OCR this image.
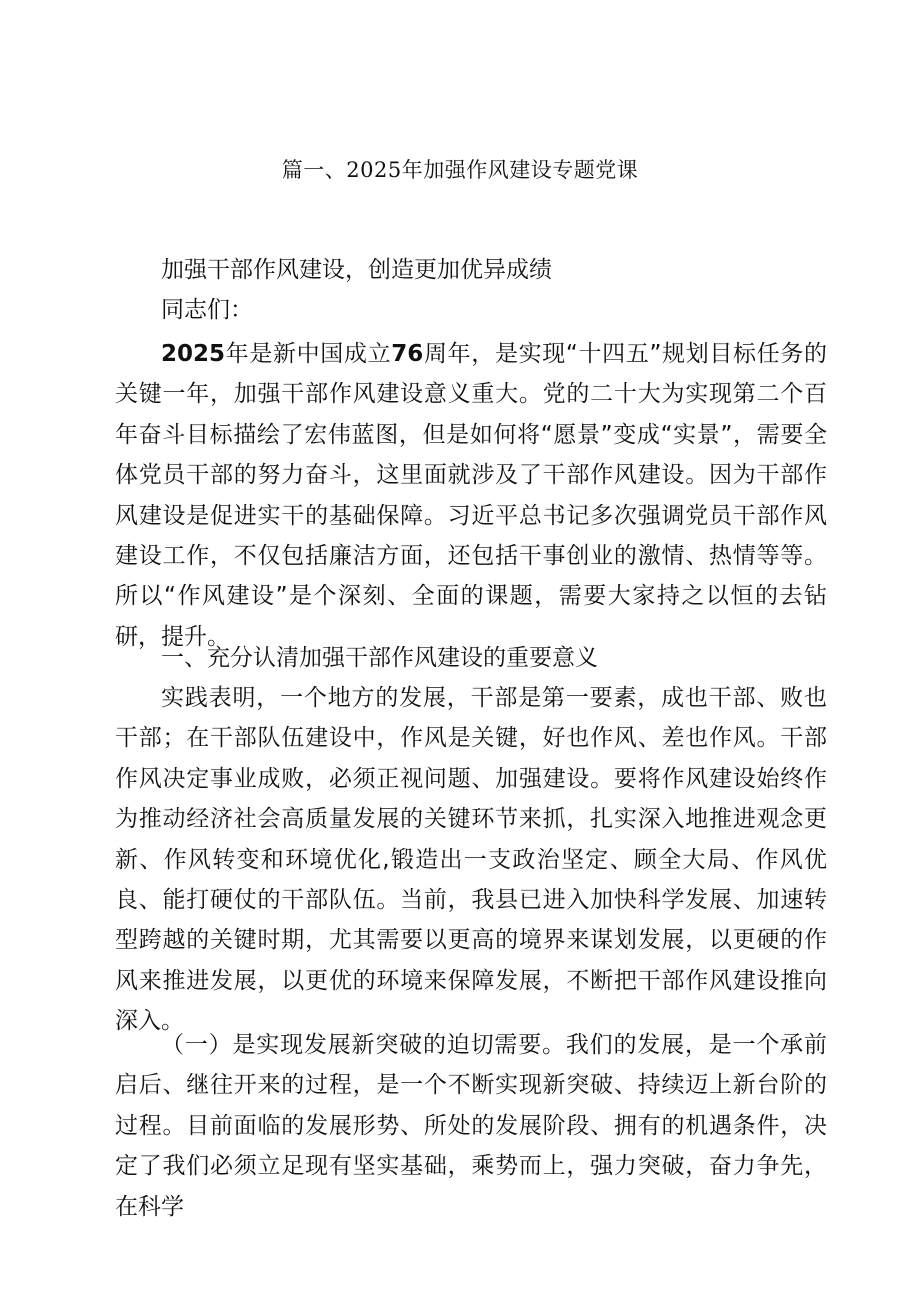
篇一、2025年加强作风建设专题党课
加强干部作风建设，创造更加优异成绩
同志们：

2025年是新中国成立76周年，是实现“十四五”规划目标任务的关键一年，加强干部作风建设意义重大。党的二十大为实现第二个百年奋斗目标描绘了宏伟蓝图，但是如何将“愿景”变成“实景”，需要全体党员干部的努力奋斗，这里面就涉及了干部作风建设。因为干部作风建设是促进实干的基础保障。习近平总书记多次强调党员干部作风建设工作，不仅包括廉洁方面，还包括干事创业的激情、热情等等。所以“作风建设”是个深刻、全面的课题，需要大家持之以恒的去钻研，提升。

一、充分认清加强干部作风建设的重要意义

实践表明，一个地方的发展，干部是第一要素，成也干部、败也干部；在干部队伍建设中，作风是关键，好也作风、差也作风。干部作风决定事业成败，必须正视问题、加强建设。要将作风建设始终作为推动经济社会高质量发展的关键环节来抓，扎实深入地推进观念更新、作风转变和环境优化,锻造出一支政治坚定、顾全大局、作风优良、能打硬仗的干部队伍。当前，我县已进入加快科学发展、加速转型跨越的关键时期，尤其需要以更高的境界来谋划发展，以更硬的作风来推进发展，以更优的环境来保障发展，不断把干部作风建设推向深入。

（一）是实现发展新突破的迫切需要。我们的发展，是一个承前启后、继往开来的过程，是一个不断实现新突破、持续迈上新台阶的过程。目前面临的发展形势、所处的发展阶段、拥有的机遇条件，决定了我们必须立足现有坚实基础，乘势而上，强力突破，奋力争先，在科学
